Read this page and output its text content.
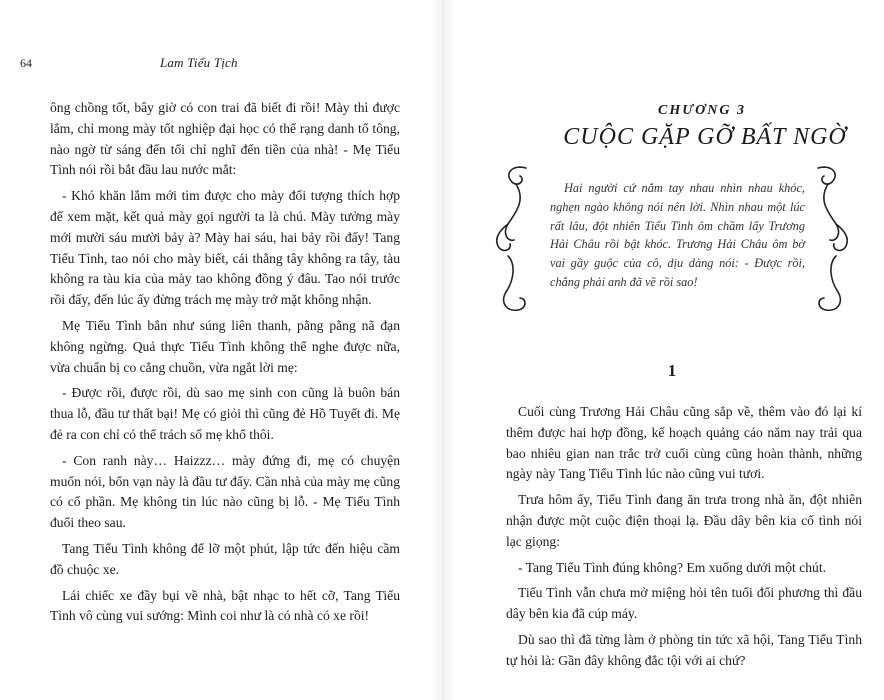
64	Lam Tiểu Tịch

ông chồng tốt, bây giờ có con trai đã biết đi rồi! Mày thì được lắm, chỉ mong mày tốt nghiệp đại học có thể rạng danh tổ tông, nào ngờ từ sáng đến tối chỉ nghĩ đến tiền của nhà! - Mẹ Tiểu Tình nói rồi bắt đầu lau nước mắt:

- Khó khăn lắm mới tìm được cho mày đối tượng thích hợp để xem mặt, kết quả mày gọi người ta là chú. Mày tưởng mày mới mười sáu mười bảy à? Mày hai sáu, hai bảy rồi đấy! Tang Tiểu Tình, tao nói cho mày biết, cái thằng tây không ra tây, tàu không ra tàu kia của mày tao không đồng ý đâu. Tao nói trước rồi đấy, đến lúc ấy đừng trách mẹ mày trở mặt không nhận.

Mẹ Tiểu Tình bắn như súng liên thanh, pằng pằng nã đạn không ngừng. Quả thực Tiểu Tình không thể nghe được nữa, vừa chuẩn bị co cẳng chuồn, vừa ngắt lời mẹ:

- Được rồi, được rồi, dù sao mẹ sinh con cũng là buôn bán thua lỗ, đầu tư thất bại! Mẹ có giỏi thì cũng đẻ Hồ Tuyết đi. Mẹ đẻ ra con chỉ có thể trách số mẹ khổ thôi.

- Con ranh này… Haizzz… mày đứng đi, mẹ có chuyện muốn nói, bốn vạn này là đầu tư đấy. Cần nhà của mày mẹ cũng có cổ phần. Mẹ không tin lúc nào cũng bị lỗ. - Mẹ Tiểu Tình đuổi theo sau.

Tang Tiểu Tình không để lỡ một phút, lập tức đến hiệu cầm đồ chuộc xe.

Lái chiếc xe đầy bụi về nhà, bật nhạc to hết cỡ, Tang Tiểu Tình vô cùng vui sướng: Mình coi như là có nhà có xe rồi!

CHƯƠNG 3
CUỘC GẶP GỠ BẤT NGỜ

Hai người cứ nắm tay nhau nhìn nhau khóc, nghẹn ngào không nói nên lời. Nhìn nhau một lúc rất lâu, đột nhiên Tiểu Tình ôm chầm lấy Trương Hải Châu rồi bật khóc. Trương Hải Châu ôm bờ vai gầy guộc của cô, dịu dàng nói: - Được rồi, chẳng phải anh đã về rồi sao!

1

Cuối cùng Trương Hải Châu cũng sắp về, thêm vào đó lại kí thêm được hai hợp đồng, kế hoạch quảng cáo năm nay trải qua bao nhiêu gian nan trắc trở cuối cùng cũng hoàn thành, những ngày này Tang Tiểu Tình lúc nào cũng vui tươi.

Trưa hôm ấy, Tiểu Tình đang ăn trưa trong nhà ăn, đột nhiên nhận được một cuộc điện thoại lạ. Đầu dây bên kia cố tình nói lạc giọng:

- Tang Tiểu Tình đúng không? Em xuống dưới một chút.

Tiểu Tình vẫn chưa mở miệng hỏi tên tuổi đối phương thì đầu dây bên kia đã cúp máy.

Dù sao thì đã từng làm ở phòng tin tức xã hội, Tang Tiểu Tình tự hỏi là: Gần đây không đắc tội với ai chứ?
